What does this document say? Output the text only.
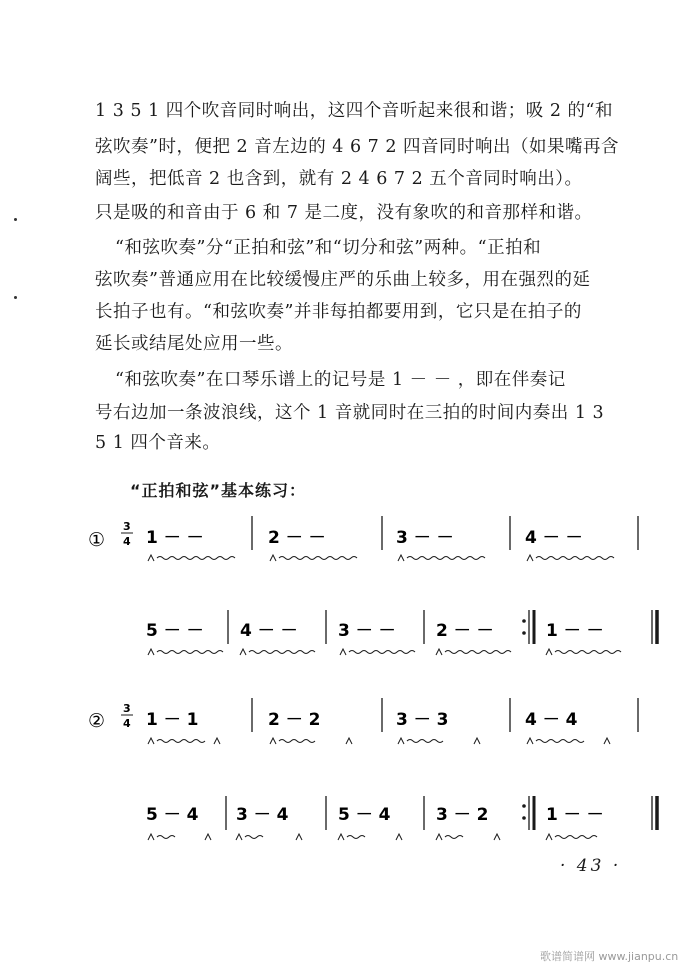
1 3 5 1 四个吹音同时响出，这四个音听起来很和谐；吸 2 的“和
弦吹奏”时，便把 2 音左边的 4 6 7 2 四音同时响出（如果嘴再含
阔些，把低音 2 也含到，就有 2 4 6 7 2 五个音同时响出）。
只是吸的和音由于 6 和 7 是二度，没有象吹的和音那样和谐。
“和弦吹奏”分“正拍和弦”和“切分和弦”两种。“正拍和
弦吹奏”普通应用在比较缓慢庄严的乐曲上较多，用在强烈的延
长拍子也有。“和弦吹奏”并非每拍都要用到，它只是在拍子的
延长或结尾处应用一些。
“和弦吹奏”在口琴乐谱上的记号是 1 － － ，即在伴奏记
号右边加一条波浪线，这个 1 音就同时在三拍的时间内奏出 1 3
5 1 四个音来。
“正拍和弦”基本练习：
①
3
4 1 － －	2 － －	3 － －	4 － －
5 － － 4 － － 3 － － 2 － －	1 － －
②
3
4 1 － 1	2 － 2	3 － 3	4 － 4
5 － 4 3 － 4	5 － 4	3 － 2	1 － －
· 43 ·
歌谱简谱网 www.jianpu.cn
